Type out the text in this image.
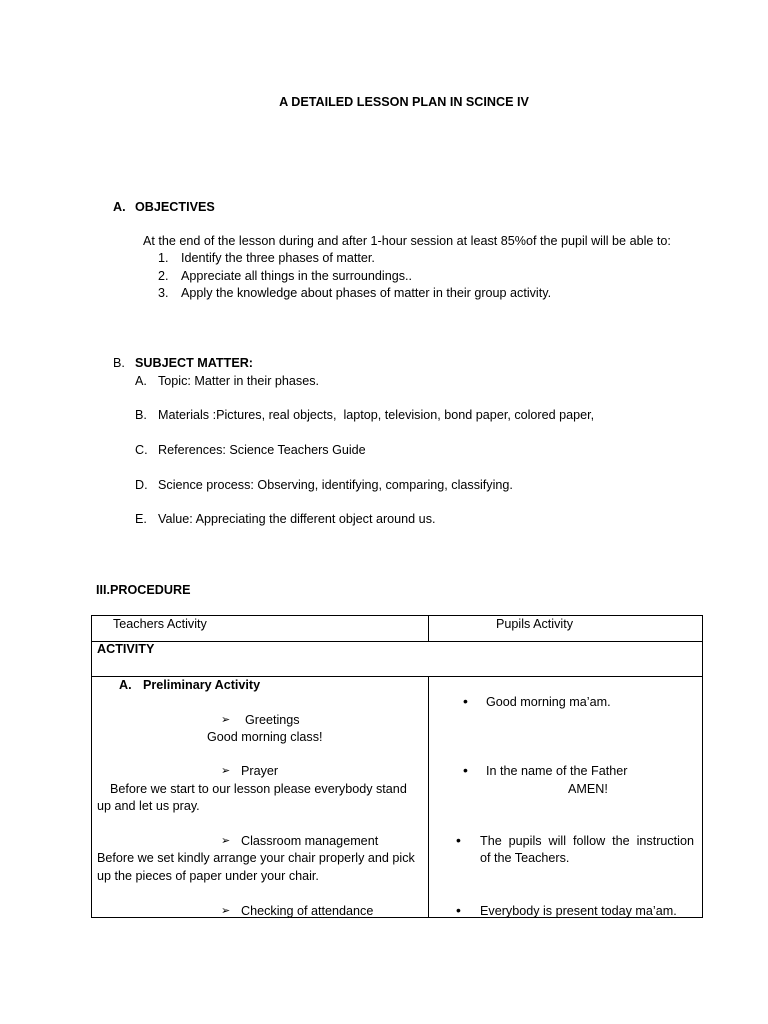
A DETAILED LESSON PLAN IN SCINCE IV
A. OBJECTIVES
At the end of the lesson during and after 1-hour session at least 85%of the pupil will be able to:
1. Identify the three phases of matter.
2. Appreciate all things in the surroundings..
3. Apply the knowledge about phases of matter in their group activity.
B. SUBJECT MATTER:
A. Topic: Matter in their phases.
B. Materials :Pictures, real objects,  laptop, television, bond paper, colored paper,
C. References: Science Teachers Guide
D. Science process: Observing, identifying, comparing, classifying.
E. Value: Appreciating the different object around us.
III.PROCEDURE
Teachers Activity	Pupils Activity
ACTIVITY
A. Preliminary Activity
➢ Greetings
Good morning class!
➢ Prayer
Before we start to our lesson please everybody stand
up and let us pray.
➢ Classroom management
Before we set kindly arrange your chair properly and pick
up the pieces of paper under your chair.
➢ Checking of attendance
• Good morning ma’am.
• In the name of the Father
AMEN!
• The pupils will follow the instruction
of the Teachers.
• Everybody is present today ma’am.
